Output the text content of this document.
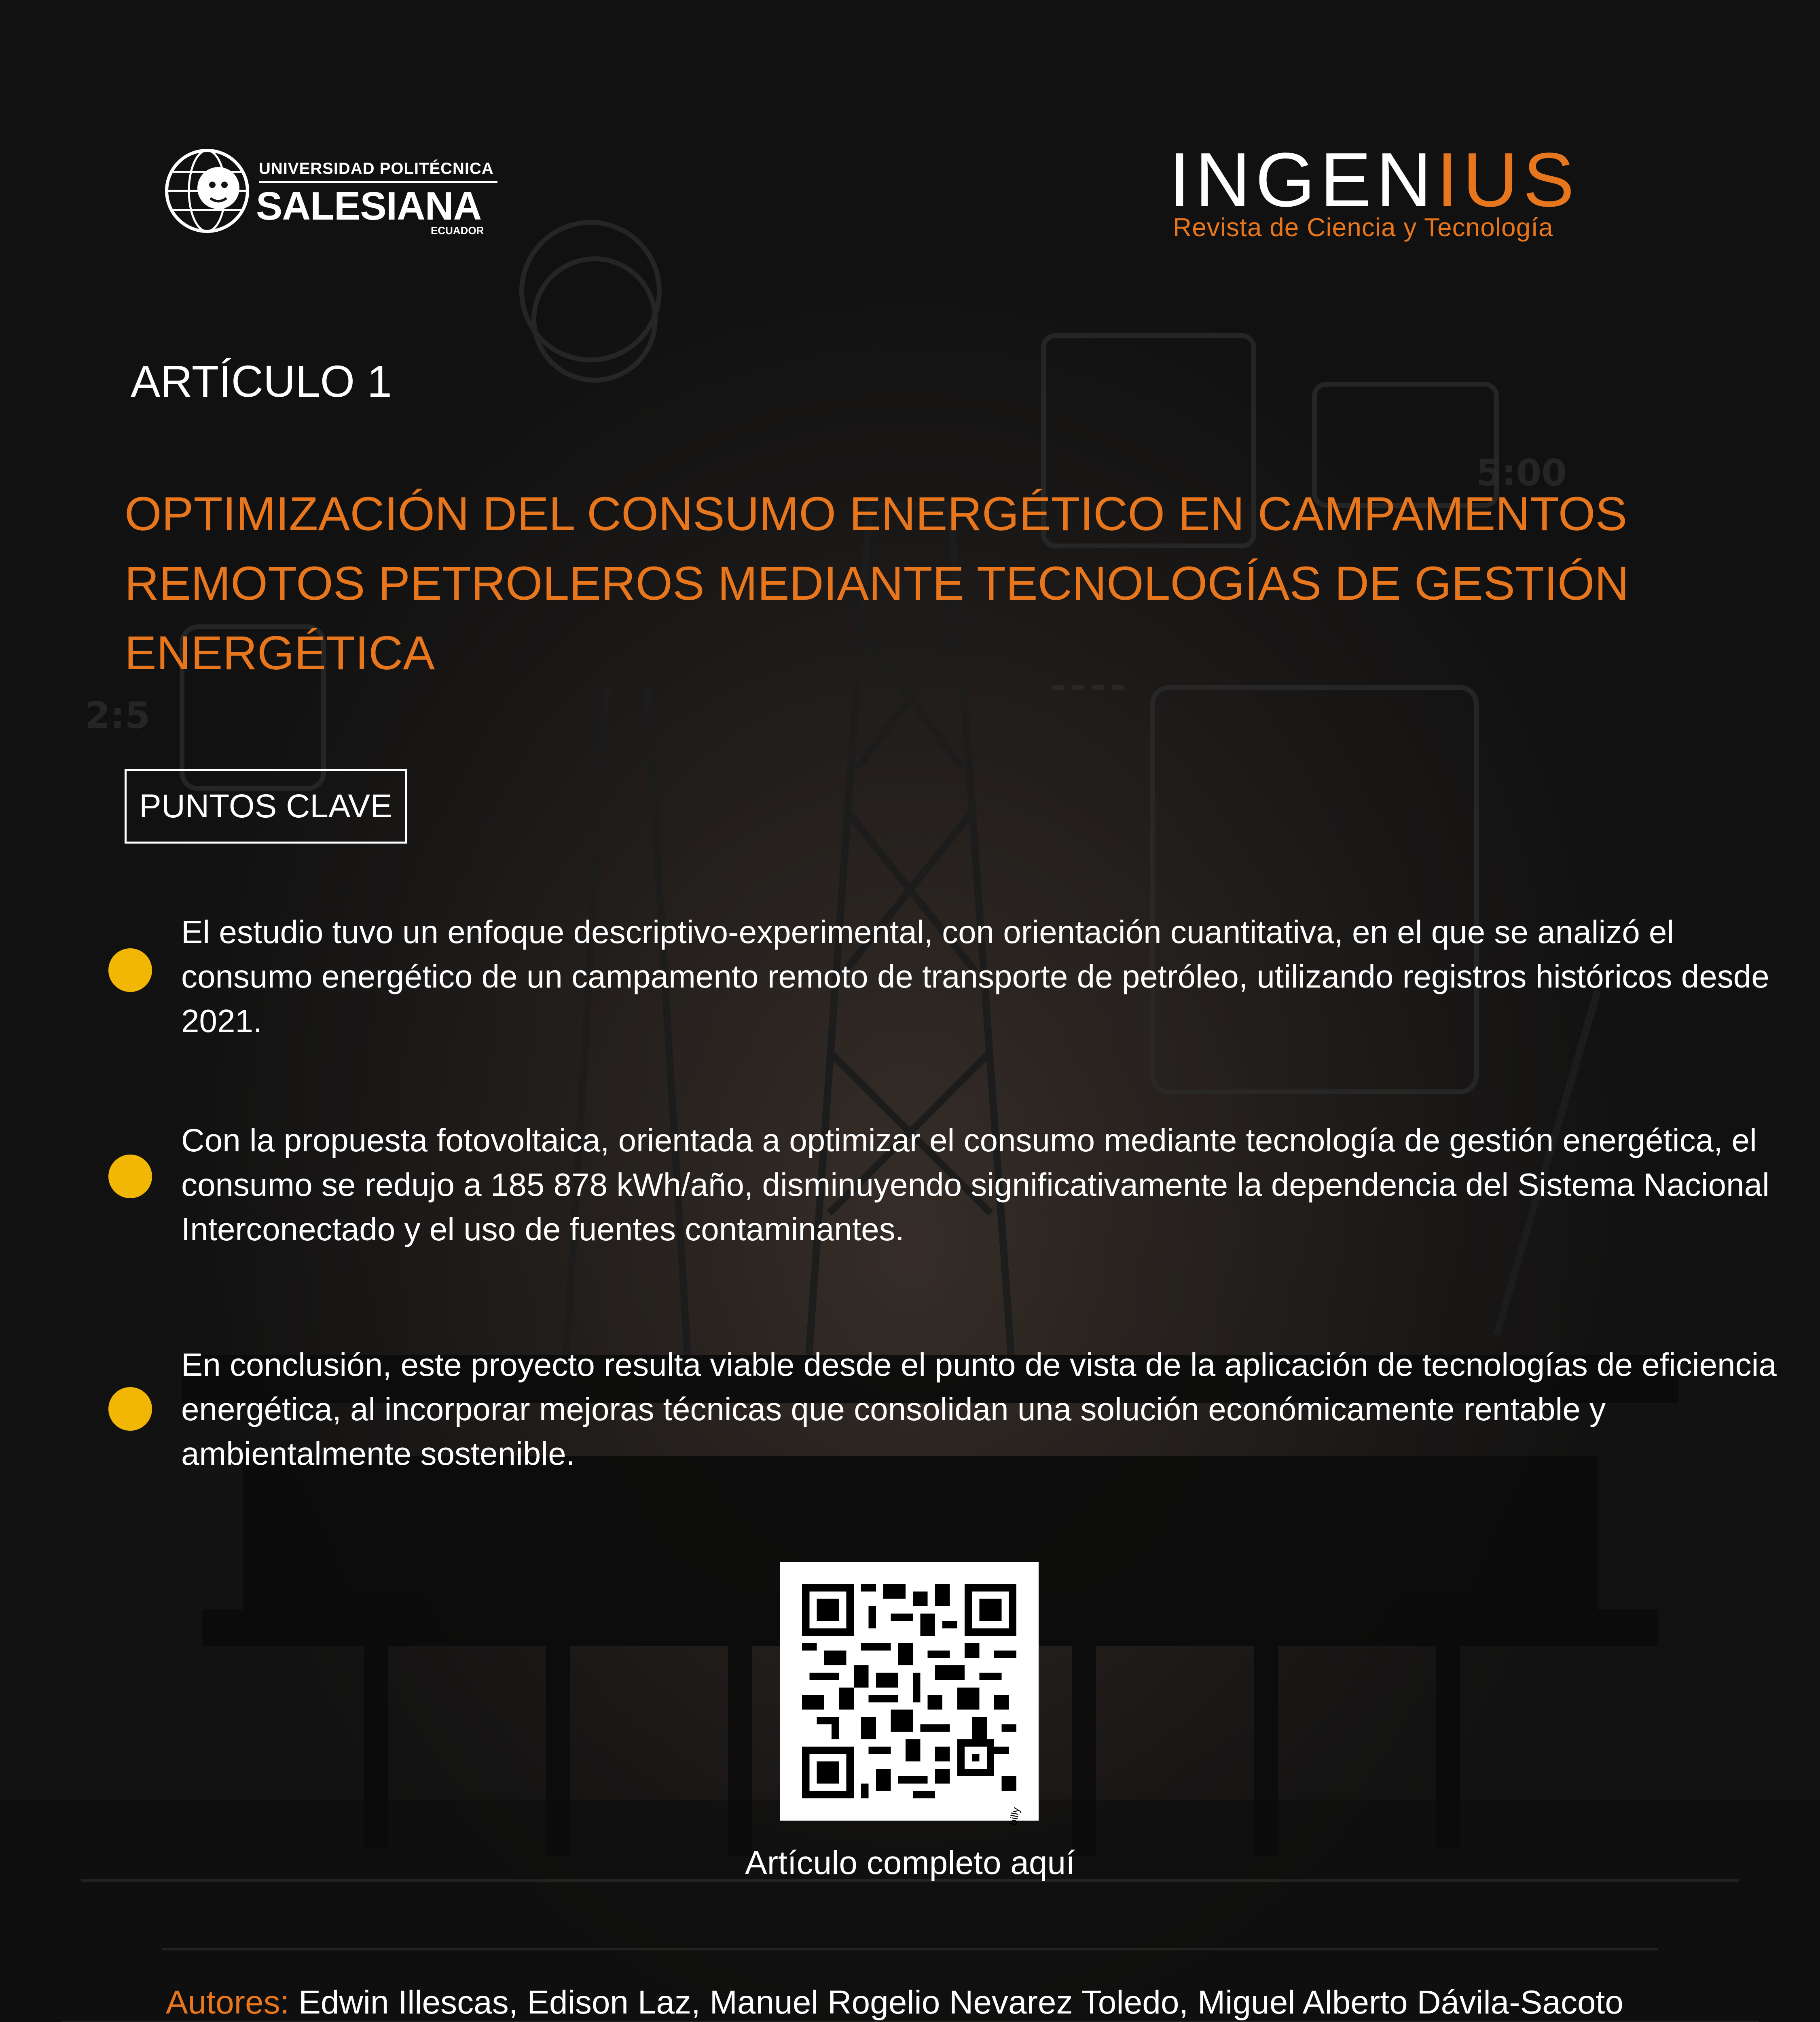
5:00
2:5
UNIVERSIDAD POLITÉCNICA
SALESIANA
ECUADOR
INGENIUS
Revista de Ciencia y Tecnología
ARTÍCULO 1
OPTIMIZACIÓN DEL CONSUMO ENERGÉTICO EN CAMPAMENTOS REMOTOS PETROLEROS MEDIANTE TECNOLOGÍAS DE GESTIÓN ENERGÉTICA
PUNTOS CLAVE

El estudio tuvo un enfoque descriptivo-experimental, con orientación cuantitativa, en el que se analizó el consumo energético de un campamento remoto de transporte de petróleo, utilizando registros históricos desde 2021.

Con la propuesta fotovoltaica, orientada a optimizar el consumo mediante tecnología de gestión energética, el consumo se redujo a 185 878 kWh/año, disminuyendo significativamente la dependencia del Sistema Nacional Interconectado y el uso de fuentes contaminantes.

En conclusión, este proyecto resulta viable desde el punto de vista de la aplicación de tecnologías de eficiencia energética, al incorporar mejoras técnicas que consolidan una solución económicamente rentable y ambientalmente sostenible.

billy
Artículo completo aquí
Autores: Edwin Illescas, Edison Laz, Manuel Rogelio Nevarez Toledo, Miguel Alberto Dávila-Sacoto
